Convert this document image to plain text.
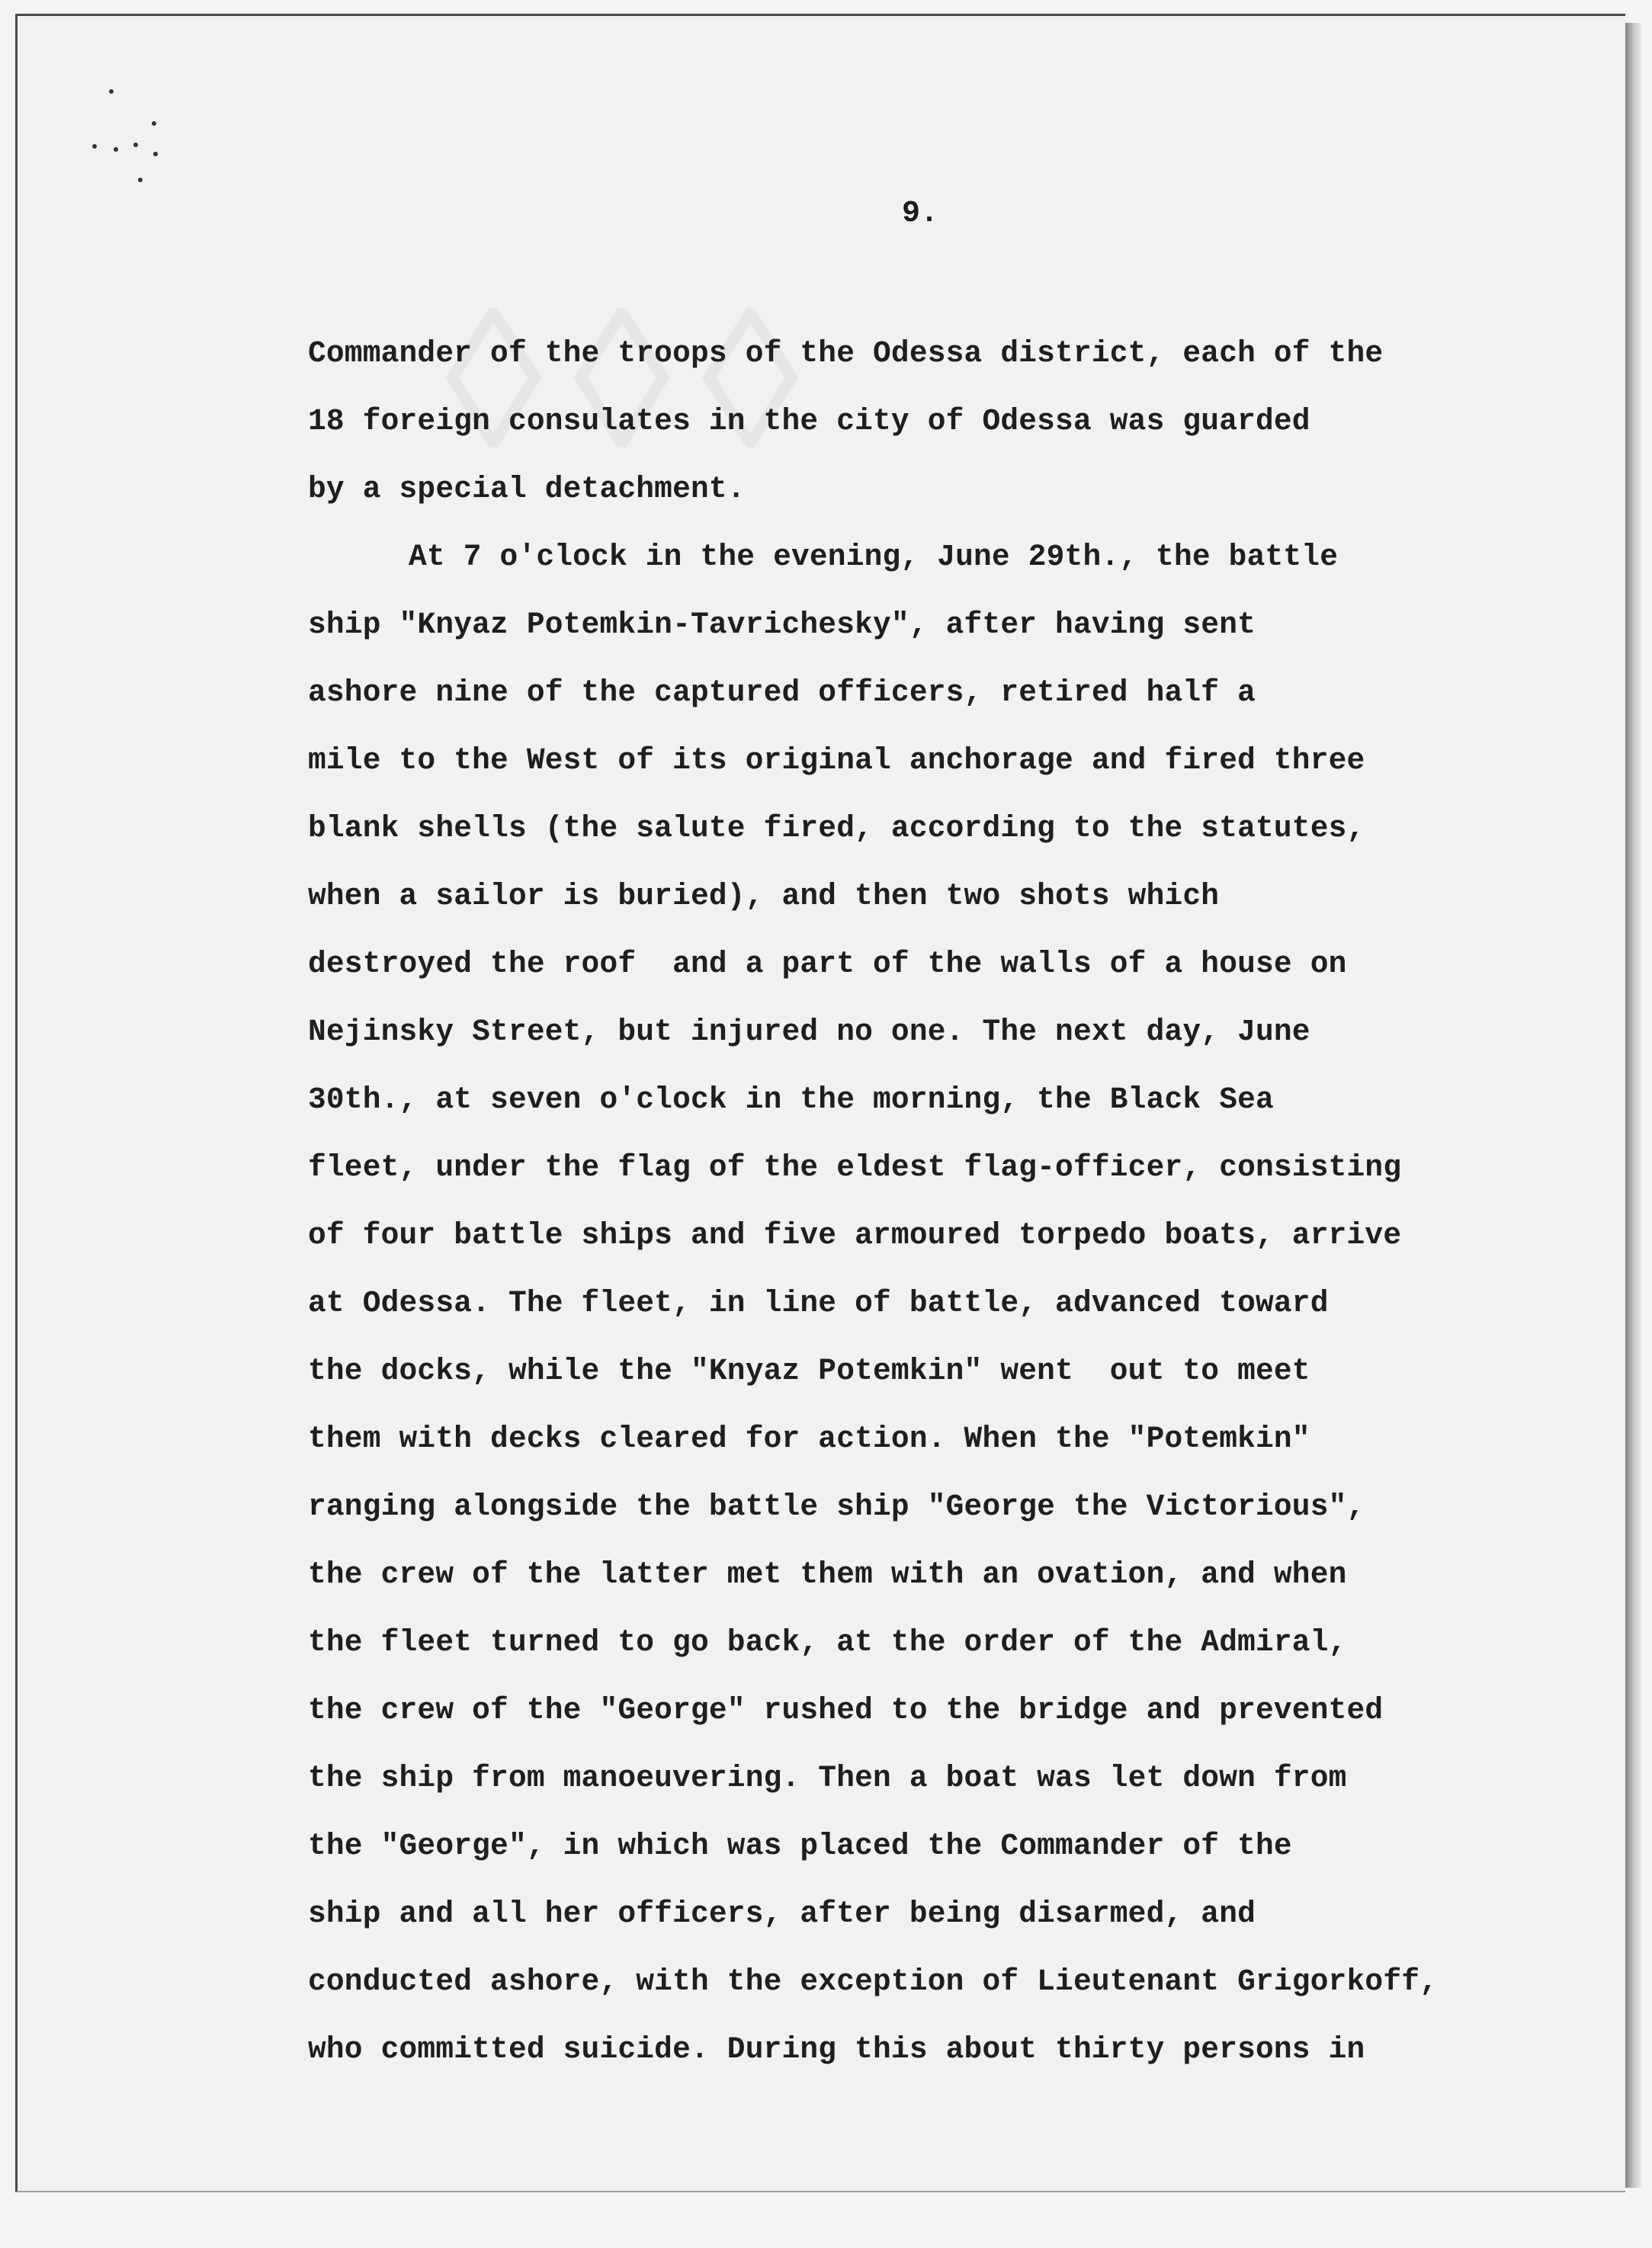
9.

Commander of the troops of the Odessa district, each of the
18 foreign consulates in the city of Odessa was guarded
by a special detachment.
At 7 o'clock in the evening, June 29th., the battle
ship "Knyaz Potemkin-Tavrichesky", after having sent
ashore nine of the captured officers, retired half a
mile to the West of its original anchorage and fired three
blank shells (the salute fired, according to the statutes,
when a sailor is buried), and then two shots which
destroyed the roof  and a part of the walls of a house on
Nejinsky Street, but injured no one. The next day, June
30th., at seven o'clock in the morning, the Black Sea
fleet, under the flag of the eldest flag-officer, consisting
of four battle ships and five armoured torpedo boats, arrive
at Odessa. The fleet, in line of battle, advanced toward
the docks, while the "Knyaz Potemkin" went  out to meet
them with decks cleared for action. When the "Potemkin"
ranging alongside the battle ship "George the Victorious",
the crew of the latter met them with an ovation, and when
the fleet turned to go back, at the order of the Admiral,
the crew of the "George" rushed to the bridge and prevented
the ship from manoeuvering. Then a boat was let down from
the "George", in which was placed the Commander of the
ship and all her officers, after being disarmed, and
conducted ashore, with the exception of Lieutenant Grigorkoff,
who committed suicide. During this about thirty persons in
